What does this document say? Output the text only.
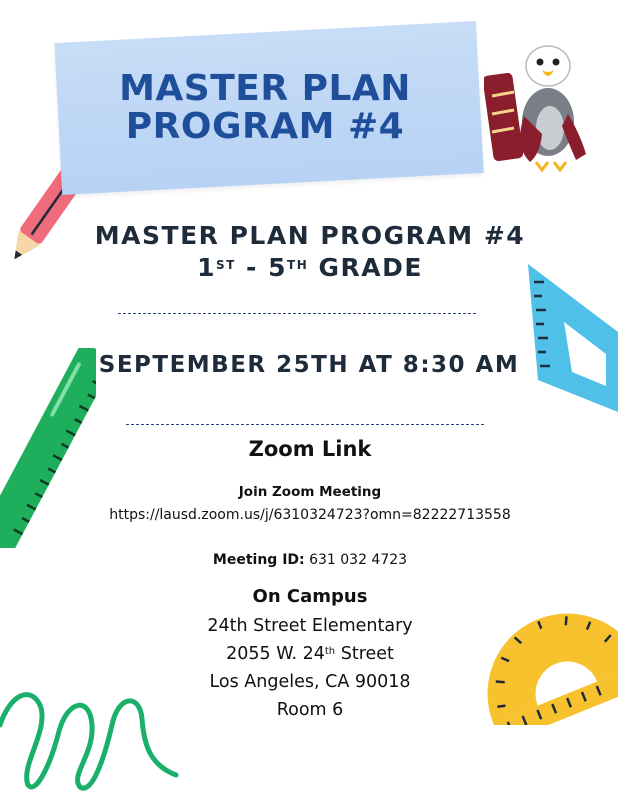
MASTER PLAN
PROGRAM #4
MASTER PLAN PROGRAM #4
1ST - 5TH GRADE
SEPTEMBER 25TH AT 8:30 AM
Zoom Link
Join Zoom Meeting
https://lausd.zoom.us/j/6310324723?omn=82222713558
Meeting ID: 631 032 4723
On Campus
24th Street Elementary
2055 W. 24th Street
Los Angeles, CA 90018
Room 6
